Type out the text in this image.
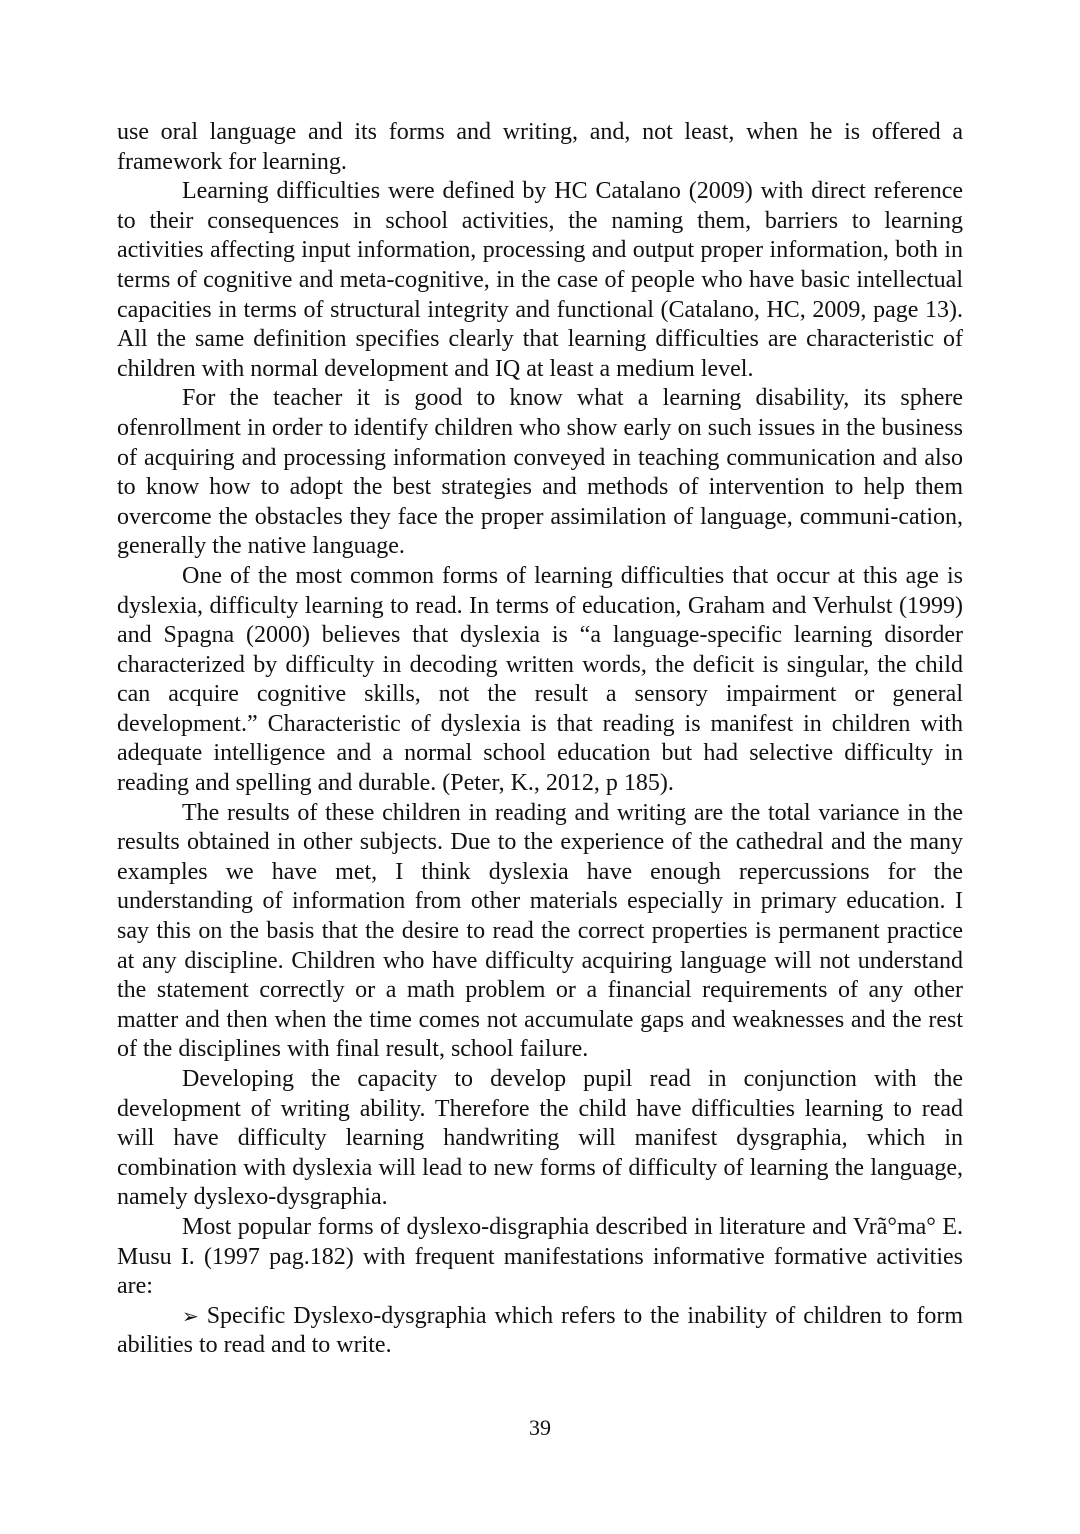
use oral language and its forms and writing, and, not least, when he is offered a framework for learning.

Learning difficulties were defined by HC Catalano (2009) with direct reference to their consequences in school activities, the naming them, barriers to learning activities affecting input information, processing and output proper information, both in terms of cognitive and meta-cognitive, in the case of people who have basic intellectual capacities in terms of structural integrity and functional (Catalano, HC, 2009, page 13). All the same definition specifies clearly that learning difficulties are characteristic of children with normal development and IQ at least a medium level.

For the teacher it is good to know what a learning disability, its sphere ofenrollment in order to identify children who show early on such issues in the business of acquiring and processing information conveyed in teaching communication and also to know how to adopt the best strategies and methods of intervention to help them overcome the obstacles they face the proper assimilation of language, communi-cation, generally the native language.

One of the most common forms of learning difficulties that occur at this age is dyslexia, difficulty learning to read. In terms of education, Graham and Verhulst (1999) and Spagna (2000) believes that dyslexia is “a language-specific learning disorder characterized by difficulty in decoding written words, the deficit is singular, the child can acquire cognitive skills, not the result a sensory impairment or general development.” Characteristic of dyslexia is that reading is manifest in children with adequate intelligence and a normal school education but had selective difficulty in reading and spelling and durable. (Peter, K., 2012, p 185).

The results of these children in reading and writing are the total variance in the results obtained in other subjects. Due to the experience of the cathedral and the many examples we have met, I think dyslexia have enough repercussions for the understanding of information from other materials especially in primary education. I say this on the basis that the desire to read the correct properties is permanent practice at any discipline. Children who have difficulty acquiring language will not understand the statement correctly or a math problem or a financial requirements of any other matter and then when the time comes not accumulate gaps and weaknesses and the rest of the disciplines with final result, school failure.

Developing the capacity to develop pupil read in conjunction with the development of writing ability. Therefore the child have difficulties learning to read will have difficulty learning handwriting will manifest dysgraphia, which in combination with dyslexia will lead to new forms of difficulty of learning the language, namely dyslexo-dysgraphia.

Most popular forms of dyslexo-disgraphia described in literature and Vrã°ma° E. Musu I. (1997 pag.182) with frequent manifestations informative formative activities are:

➢ Specific Dyslexo-dysgraphia which refers to the inability of children to form abilities to read and to write.

39
